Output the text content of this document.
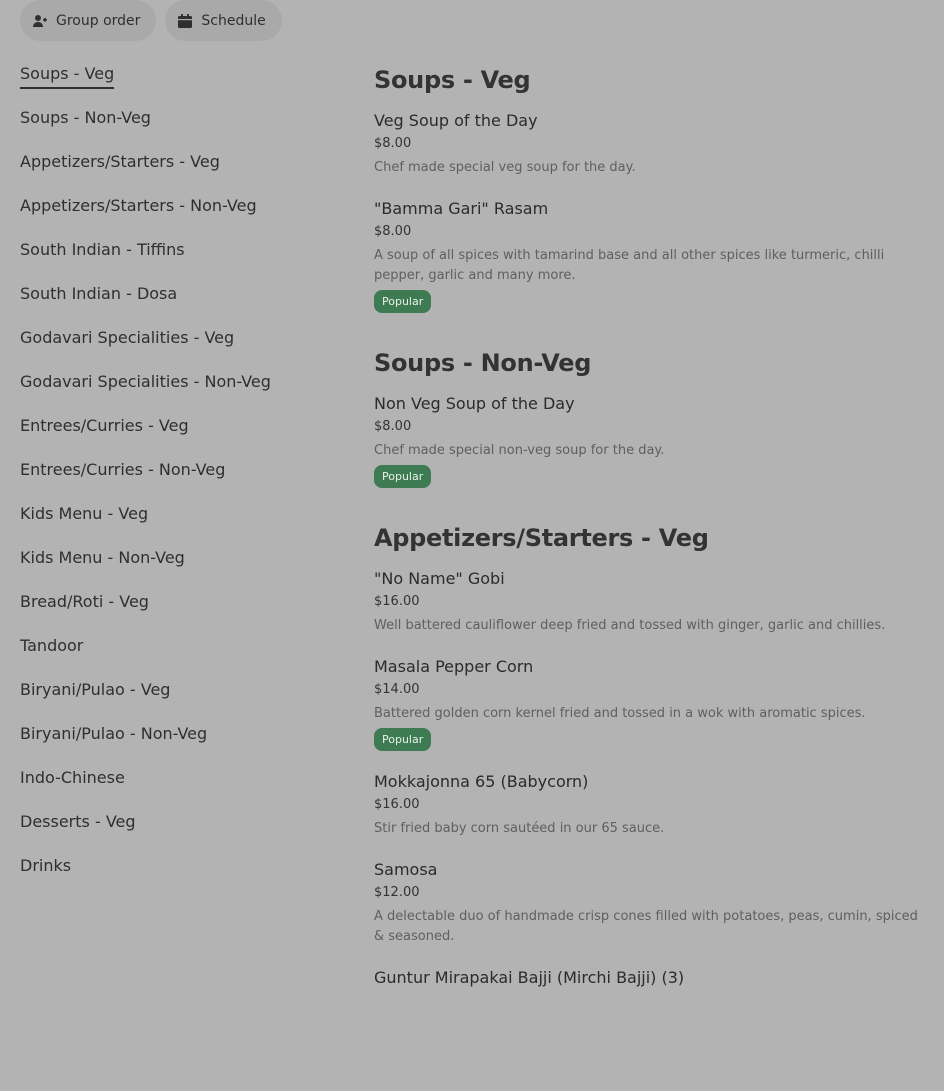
Group order	Schedule
Soups - Veg
Soups - Non-Veg
Appetizers/Starters - Veg
Appetizers/Starters - Non-Veg
South Indian - Tiffins
South Indian - Dosa
Godavari Specialities - Veg
Godavari Specialities - Non-Veg
Entrees/Curries - Veg
Entrees/Curries - Non-Veg
Kids Menu - Veg
Kids Menu - Non-Veg
Bread/Roti - Veg
Tandoor
Biryani/Pulao - Veg
Biryani/Pulao - Non-Veg
Indo-Chinese
Desserts - Veg
Drinks
Soups - Veg
Veg Soup of the Day
$8.00
Chef made special veg soup for the day.
"Bamma Gari" Rasam
$8.00
A soup of all spices with tamarind base and all other spices like turmeric, chilli pepper, garlic and many more.
Popular
Soups - Non-Veg
Non Veg Soup of the Day
$8.00
Chef made special non-veg soup for the day.
Popular
Appetizers/Starters - Veg
"No Name" Gobi
$16.00
Well battered cauliflower deep fried and tossed with ginger, garlic and chillies.
Masala Pepper Corn
$14.00
Battered golden corn kernel fried and tossed in a wok with aromatic spices.
Popular
Mokkajonna 65 (Babycorn)
$16.00
Stir fried baby corn sautéed in our 65 sauce.
Samosa
$12.00
A delectable duo of handmade crisp cones filled with potatoes, peas, cumin, spiced & seasoned.
Guntur Mirapakai Bajji (Mirchi Bajji) (3)
